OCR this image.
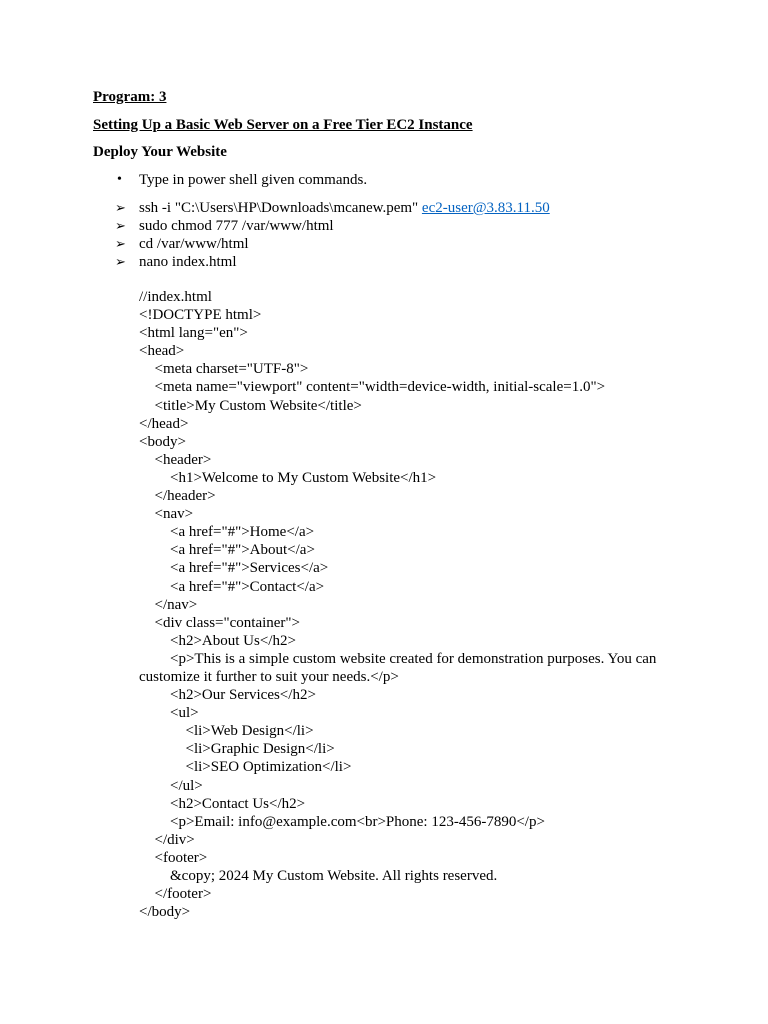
Program: 3
Setting Up a Basic Web Server on a Free Tier EC2 Instance
Deploy Your Website
•	Type in power shell given commands.
➢ ssh -i "C:\Users\HP\Downloads\mcanew.pem" ec2-user@3.83.11.50
➢ sudo chmod 777 /var/www/html
➢ cd /var/www/html
➢ nano index.html
//index.html
<!DOCTYPE html>
<html lang="en">
<head>
<meta charset="UTF-8">
<meta name="viewport" content="width=device-width, initial-scale=1.0">
<title>My Custom Website</title>
</head>
<body>
<header>
<h1>Welcome to My Custom Website</h1>
</header>
<nav>
<a href="#">Home</a>
<a href="#">About</a>
<a href="#">Services</a>
<a href="#">Contact</a>
</nav>
<div class="container">
<h2>About Us</h2>
<p>This is a simple custom website created for demonstration purposes. You can
customize it further to suit your needs.</p>
<h2>Our Services</h2>
<ul>
<li>Web Design</li>
<li>Graphic Design</li>
<li>SEO Optimization</li>
</ul>
<h2>Contact Us</h2>
<p>Email: info@example.com<br>Phone: 123-456-7890</p>
</div>
<footer>
&copy; 2024 My Custom Website. All rights reserved.
</footer>
</body>
